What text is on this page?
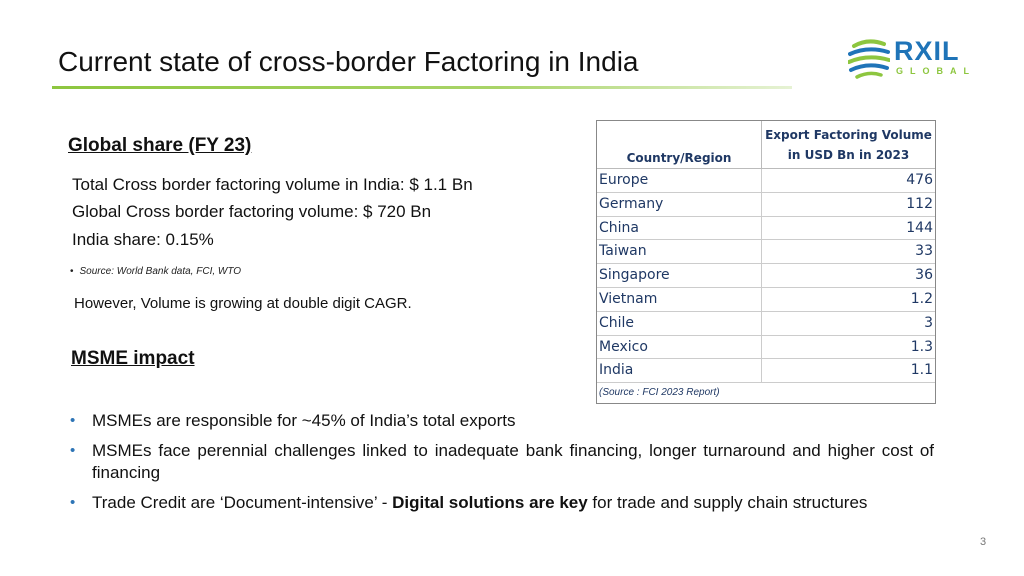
Current state of cross-border Factoring in India	RXIL
GLOBAL
Global share (FY 23)
Total Cross border factoring volume in India: $ 1.1 Bn
Global Cross border factoring volume: $ 720 Bn
India share: 0.15%
• Source: World Bank data, FCI, WTO
However, Volume is growing at double digit CAGR.
Country/Region
Export Factoring Volume
in USD Bn in 2023
Europe	476
Germany	112
China	144
Taiwan	33
Singapore	36
Vietnam	1.2
Chile	3
Mexico	1.3
India	1.1
(Source : FCI 2023 Report)
MSME impact
• MSMEs are responsible for ~45% of India’s total exports
• MSMEs face perennial challenges linked to inadequate bank financing, longer turnaround and higher cost of financing
• Trade Credit are ‘Document-intensive’ - Digital solutions are key for trade and supply chain structures
3
